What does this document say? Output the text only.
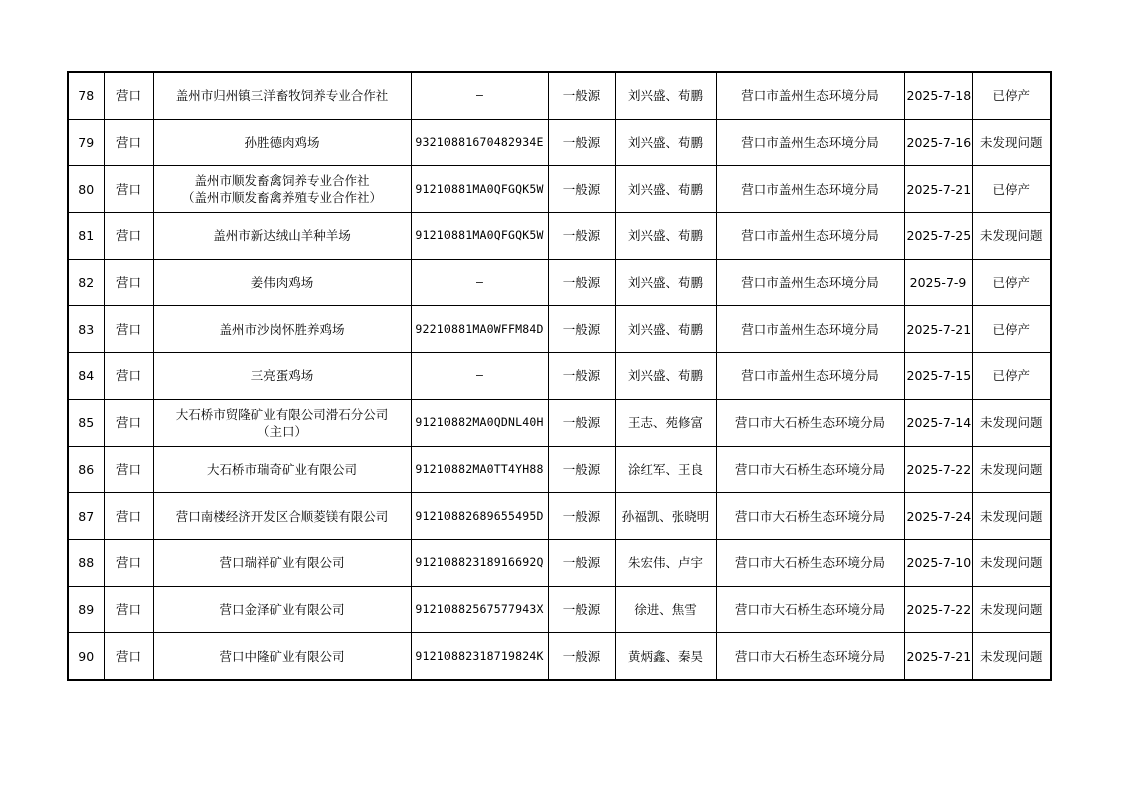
78	营口	盖州市归州镇三洋畜牧饲养专业合作社	—	一般源	刘兴盛、荀鹏	营口市盖州生态环境分局	2025-7-18	已停产
79	营口	孙胜德肉鸡场	93210881670482934E	一般源	刘兴盛、荀鹏	营口市盖州生态环境分局	2025-7-16	未发现问题
80	营口	盖州市顺发畜禽饲养专业合作社
（盖州市顺发畜禽养殖专业合作社）	91210881MA0QFGQK5W	一般源	刘兴盛、荀鹏	营口市盖州生态环境分局	2025-7-21	已停产
81	营口	盖州市新达绒山羊种羊场	91210881MA0QFGQK5W	一般源	刘兴盛、荀鹏	营口市盖州生态环境分局	2025-7-25	未发现问题
82	营口	姜伟肉鸡场	—	一般源	刘兴盛、荀鹏	营口市盖州生态环境分局	2025-7-9	已停产
83	营口	盖州市沙岗怀胜养鸡场	92210881MA0WFFM84D	一般源	刘兴盛、荀鹏	营口市盖州生态环境分局	2025-7-21	已停产
84	营口	三亮蛋鸡场	—	一般源	刘兴盛、荀鹏	营口市盖州生态环境分局	2025-7-15	已停产
85	营口	大石桥市贸隆矿业有限公司滑石分公司
（主口）	91210882MA0QDNL40H	一般源	王志、苑修富	营口市大石桥生态环境分局	2025-7-14	未发现问题
86	营口	大石桥市瑞奇矿业有限公司	91210882MA0TT4YH88	一般源	涂红军、王良	营口市大石桥生态环境分局	2025-7-22	未发现问题
87	营口	营口南楼经济开发区合顺菱镁有限公司	91210882689655495D	一般源	孙福凯、张晓明	营口市大石桥生态环境分局	2025-7-24	未发现问题
88	营口	营口瑞祥矿业有限公司	91210882318916692Q	一般源	朱宏伟、卢宇	营口市大石桥生态环境分局	2025-7-10	未发现问题
89	营口	营口金泽矿业有限公司	91210882567577943X	一般源	徐进、焦雪	营口市大石桥生态环境分局	2025-7-22	未发现问题
90	营口	营口中隆矿业有限公司	91210882318719824K	一般源	黄炳鑫、秦昊	营口市大石桥生态环境分局	2025-7-21	未发现问题
